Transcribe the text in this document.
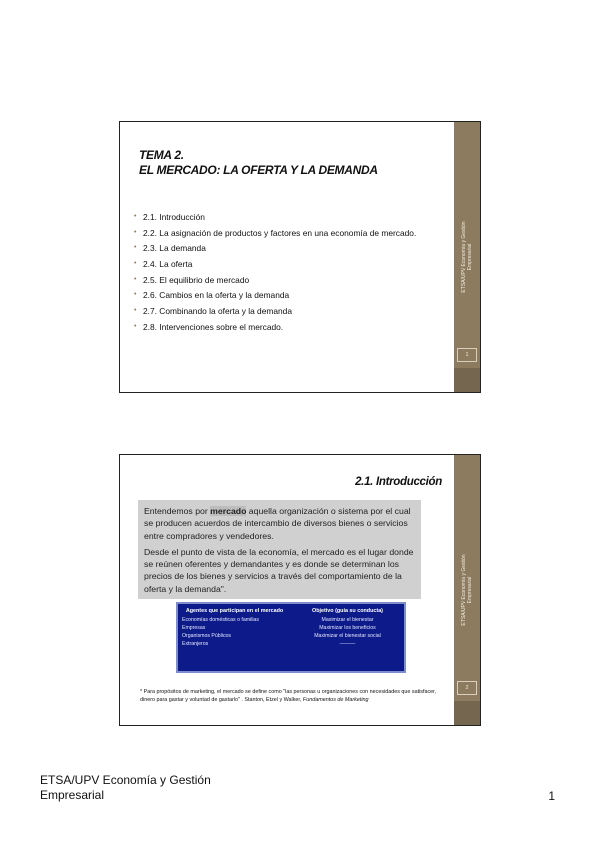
TEMA 2.
EL MERCADO: LA OFERTA Y LA DEMANDA
• 2.1. Introducción
• 2.2. La asignación de productos y factores en una economía de mercado.
• 2.3. La demanda
• 2.4. La oferta
• 2.5. El equilibrio de mercado
• 2.6. Cambios en la oferta y la demanda
• 2.7. Combinando la oferta y la demanda
• 2.8. Intervenciones sobre el mercado.
ETSA/UPV Economía y Gestión Empresarial
1
2.1. Introducción

Entendemos por mercado aquella organización o sistema por el cual se producen acuerdos de intercambio de diversos bienes o servicios entre compradores y vendedores.

Desde el punto de vista de la economía, el mercado es el lugar donde se reúnen oferentes y demandantes y es donde se determinan los precios de los bienes y servicios a través del comportamiento de la oferta y la demanda".

Agentes que participan en el mercado	Objetivo (guía su conducta)
Economías domésticas o familias	Maximizar el bienestar
Empresas	Maximizar los beneficios
Organismos Públicos	Maximizar el bienestar social
Extranjeros	———
* Para propósitos de marketing, el mercado se define como "las personas u organizaciones con necesidades que satisfacer, dinero para gastar y voluntad de gastarlo" . Stanton, Etzel y Walker, Fundamentos de Marketing
ETSA/UPV Economía y Gestión Empresarial
2
ETSA/UPV Economía y Gestión
Empresarial	1
